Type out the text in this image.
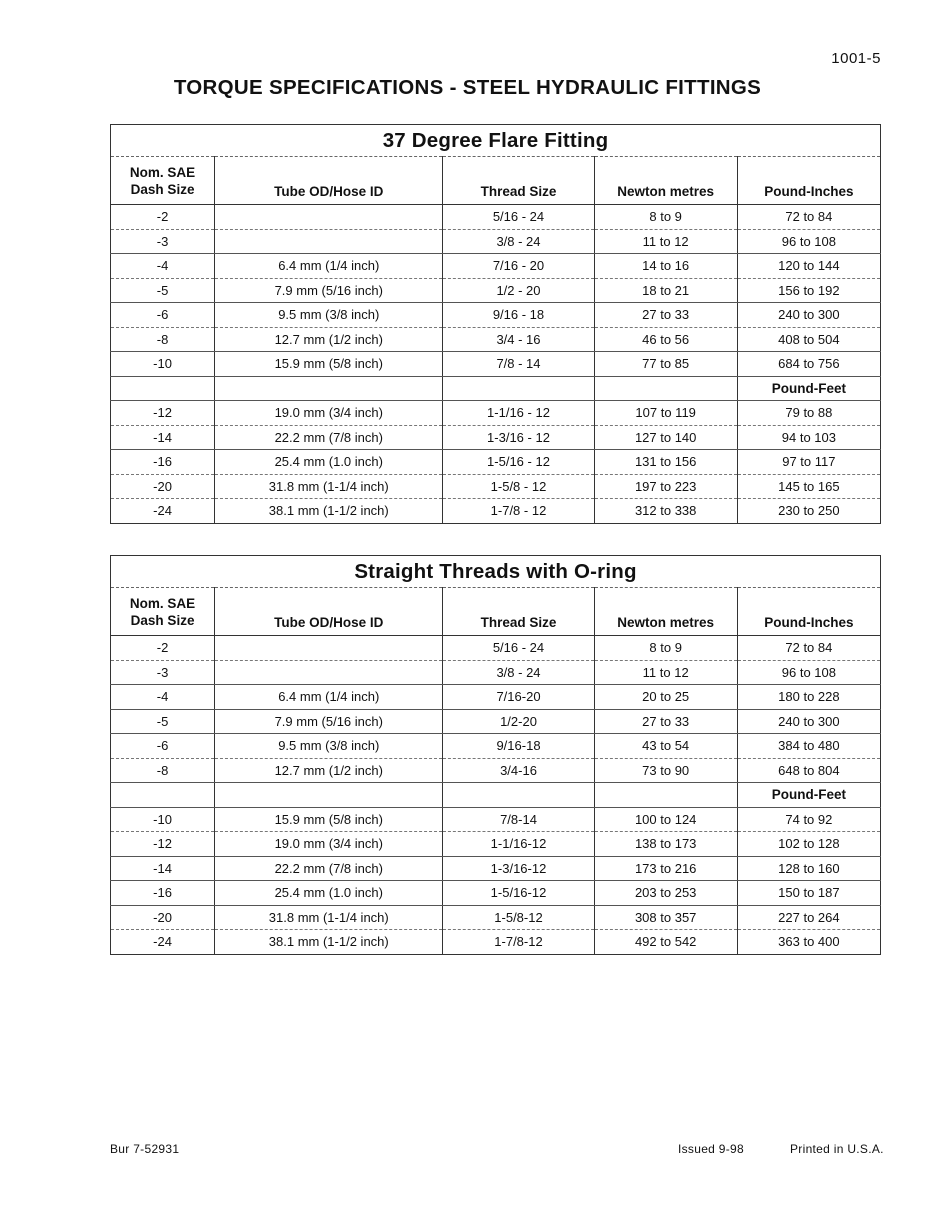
1001-5
TORQUE SPECIFICATIONS - STEEL HYDRAULIC FITTINGS
37 Degree Flare Fitting				
Nom. SAE
Dash Size	Tube OD/Hose ID	Thread Size	Newton metres	Pound-Inches
-2		5/16 - 24	8 to 9	72 to 84
-3		3/8 - 24	11 to 12	96 to 108
-4	6.4 mm (1/4 inch)	7/16 - 20	14 to 16	120 to 144
-5	7.9 mm (5/16 inch)	1/2 - 20	18 to 21	156 to 192
-6	9.5 mm (3/8 inch)	9/16 - 18	27 to 33	240 to 300
-8	12.7 mm (1/2 inch)	3/4 - 16	46 to 56	408 to 504
-10	15.9 mm (5/8 inch)	7/8 - 14	77 to 85	684 to 756
				Pound-Feet
-12	19.0 mm (3/4 inch)	1-1/16 - 12	107 to 119	79 to 88
-14	22.2 mm (7/8 inch)	1-3/16 - 12	127 to 140	94 to 103
-16	25.4 mm (1.0 inch)	1-5/16 - 12	131 to 156	97 to 117
-20	31.8 mm (1-1/4 inch)	1-5/8 - 12	197 to 223	145 to 165
-24	38.1 mm (1-1/2 inch)	1-7/8 - 12	312 to 338	230 to 250
Straight Threads with O-ring				
Nom. SAE
Dash Size	Tube OD/Hose ID	Thread Size	Newton metres	Pound-Inches
-2		5/16 - 24	8 to 9	72 to 84
-3		3/8 - 24	11 to 12	96 to 108
-4	6.4 mm (1/4 inch)	7/16-20	20 to 25	180 to 228
-5	7.9 mm (5/16 inch)	1/2-20	27 to 33	240 to 300
-6	9.5 mm (3/8 inch)	9/16-18	43 to 54	384 to 480
-8	12.7 mm (1/2 inch)	3/4-16	73 to 90	648 to 804
				Pound-Feet
-10	15.9 mm (5/8 inch)	7/8-14	100 to 124	74 to 92
-12	19.0 mm (3/4 inch)	1-1/16-12	138 to 173	102 to 128
-14	22.2 mm (7/8 inch)	1-3/16-12	173 to 216	128 to 160
-16	25.4 mm (1.0 inch)	1-5/16-12	203 to 253	150 to 187
-20	31.8 mm (1-1/4 inch)	1-5/8-12	308 to 357	227 to 264
-24	38.1 mm (1-1/2 inch)	1-7/8-12	492 to 542	363 to 400
Bur 7-52931	Issued 9-98	Printed in U.S.A.
